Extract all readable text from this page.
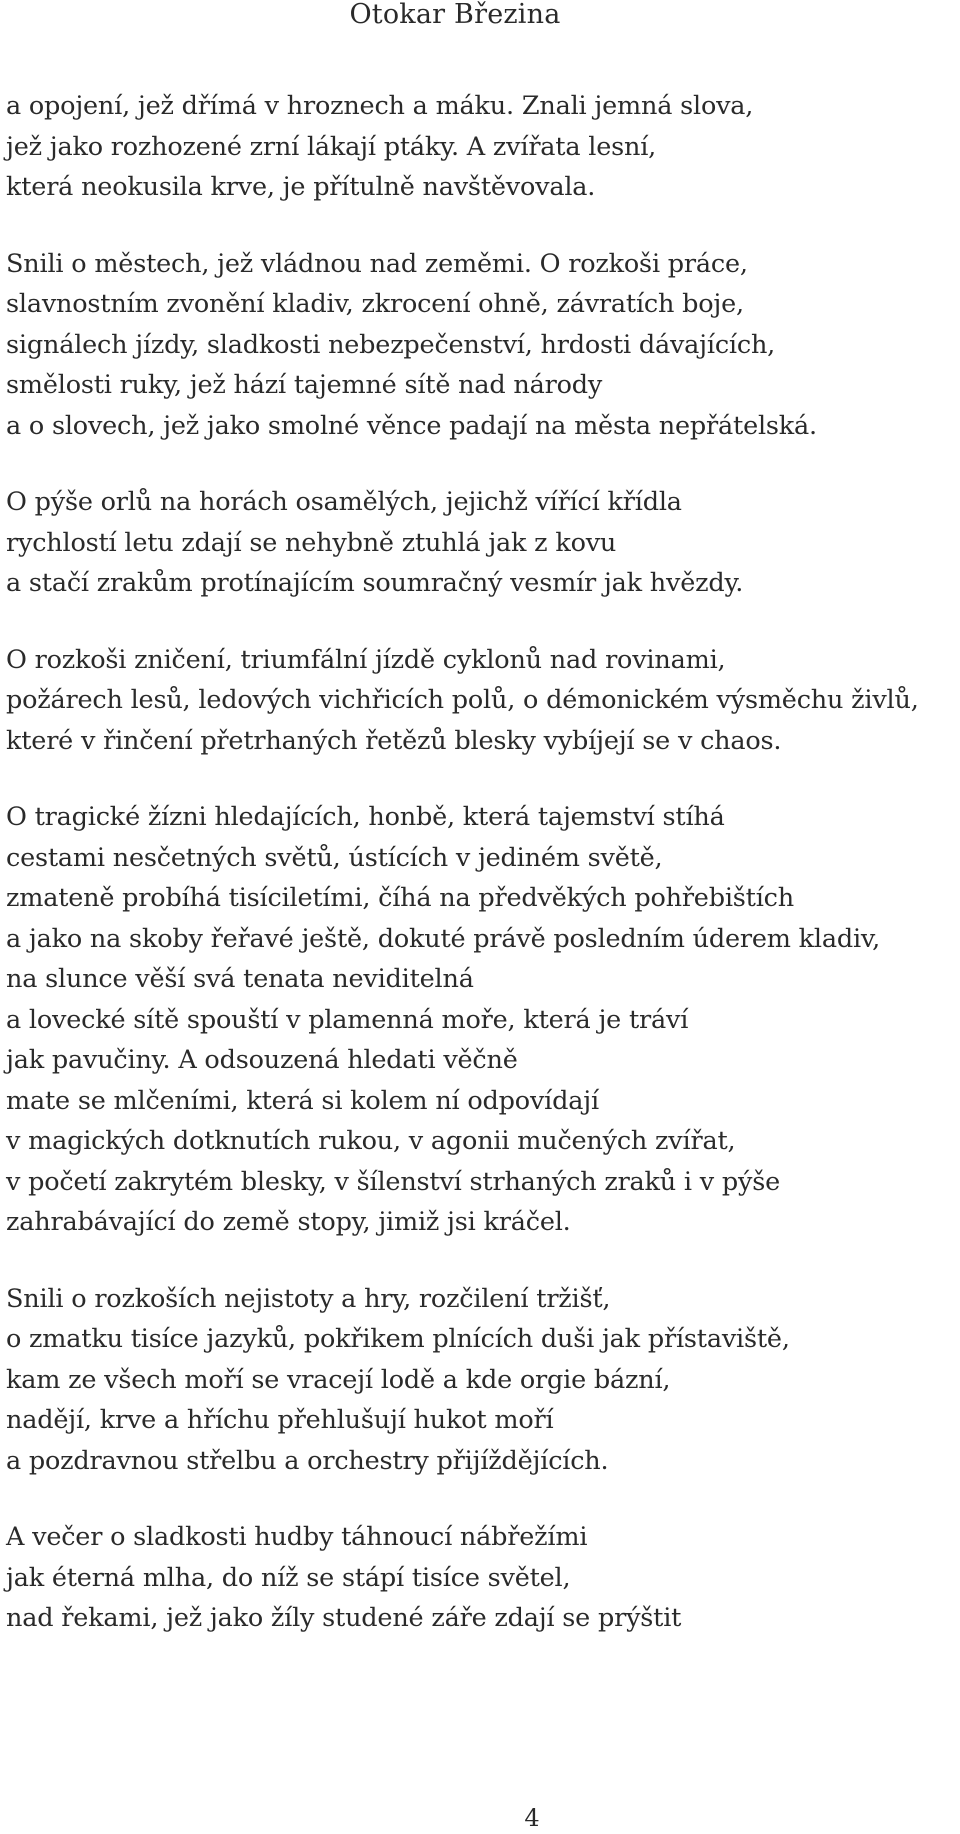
Otokar Březina
a opojení, jež dřímá v hroznech a máku. Znali jemná slova,
jež jako rozhozené zrní lákají ptáky. A zvířata lesní,
která neokusila krve, je přítulně navštěvovala.
Snili o městech, jež vládnou nad zeměmi. O rozkoši práce,
slavnostním zvonění kladiv, zkrocení ohně, závratích boje,
signálech jízdy, sladkosti nebezpečenství, hrdosti dávajících,
smělosti ruky, jež hází tajemné sítě nad národy
a o slovech, jež jako smolné věnce padají na města nepřátelská.
O pýše orlů na horách osamělých, jejichž vířící křídla
rychlostí letu zdají se nehybně ztuhlá jak z kovu
a stačí zrakům protínajícím soumračný vesmír jak hvězdy.
O rozkoši zničení, triumfální jízdě cyklonů nad rovinami,
požárech lesů, ledových vichřicích polů, o démonickém výsměchu živlů,
které v řinčení přetrhaných řetězů blesky vybíjejí se v chaos.
O tragické žízni hledajících, honbě, která tajemství stíhá
cestami nesčetných světů, ústících v jediném světě,
zmateně probíhá tisíciletími, číhá na předvěkých pohřebištích
a jako na skoby řeřavé ještě, dokuté právě posledním úderem kladiv,
na slunce věší svá tenata neviditelná
a lovecké sítě spouští v plamenná moře, která je tráví
jak pavučiny. A odsouzená hledati věčně
mate se mlčeními, která si kolem ní odpovídají
v magických dotknutích rukou, v agonii mučených zvířat,
v početí zakrytém blesky, v šílenství strhaných zraků i v pýše
zahrabávající do země stopy, jimiž jsi kráčel.
Snili o rozkoších nejistoty a hry, rozčilení tržišť,
o zmatku tisíce jazyků, pokřikem plnících duši jak přístaviště,
kam ze všech moří se vracejí lodě a kde orgie bázní,
nadějí, krve a hříchu přehlušují hukot moří
a pozdravnou střelbu a orchestry přijíždějících.
A večer o sladkosti hudby táhnoucí nábřežími
jak éterná mlha, do níž se stápí tisíce světel,
nad řekami, jež jako žíly studené záře zdají se prýštit
4
